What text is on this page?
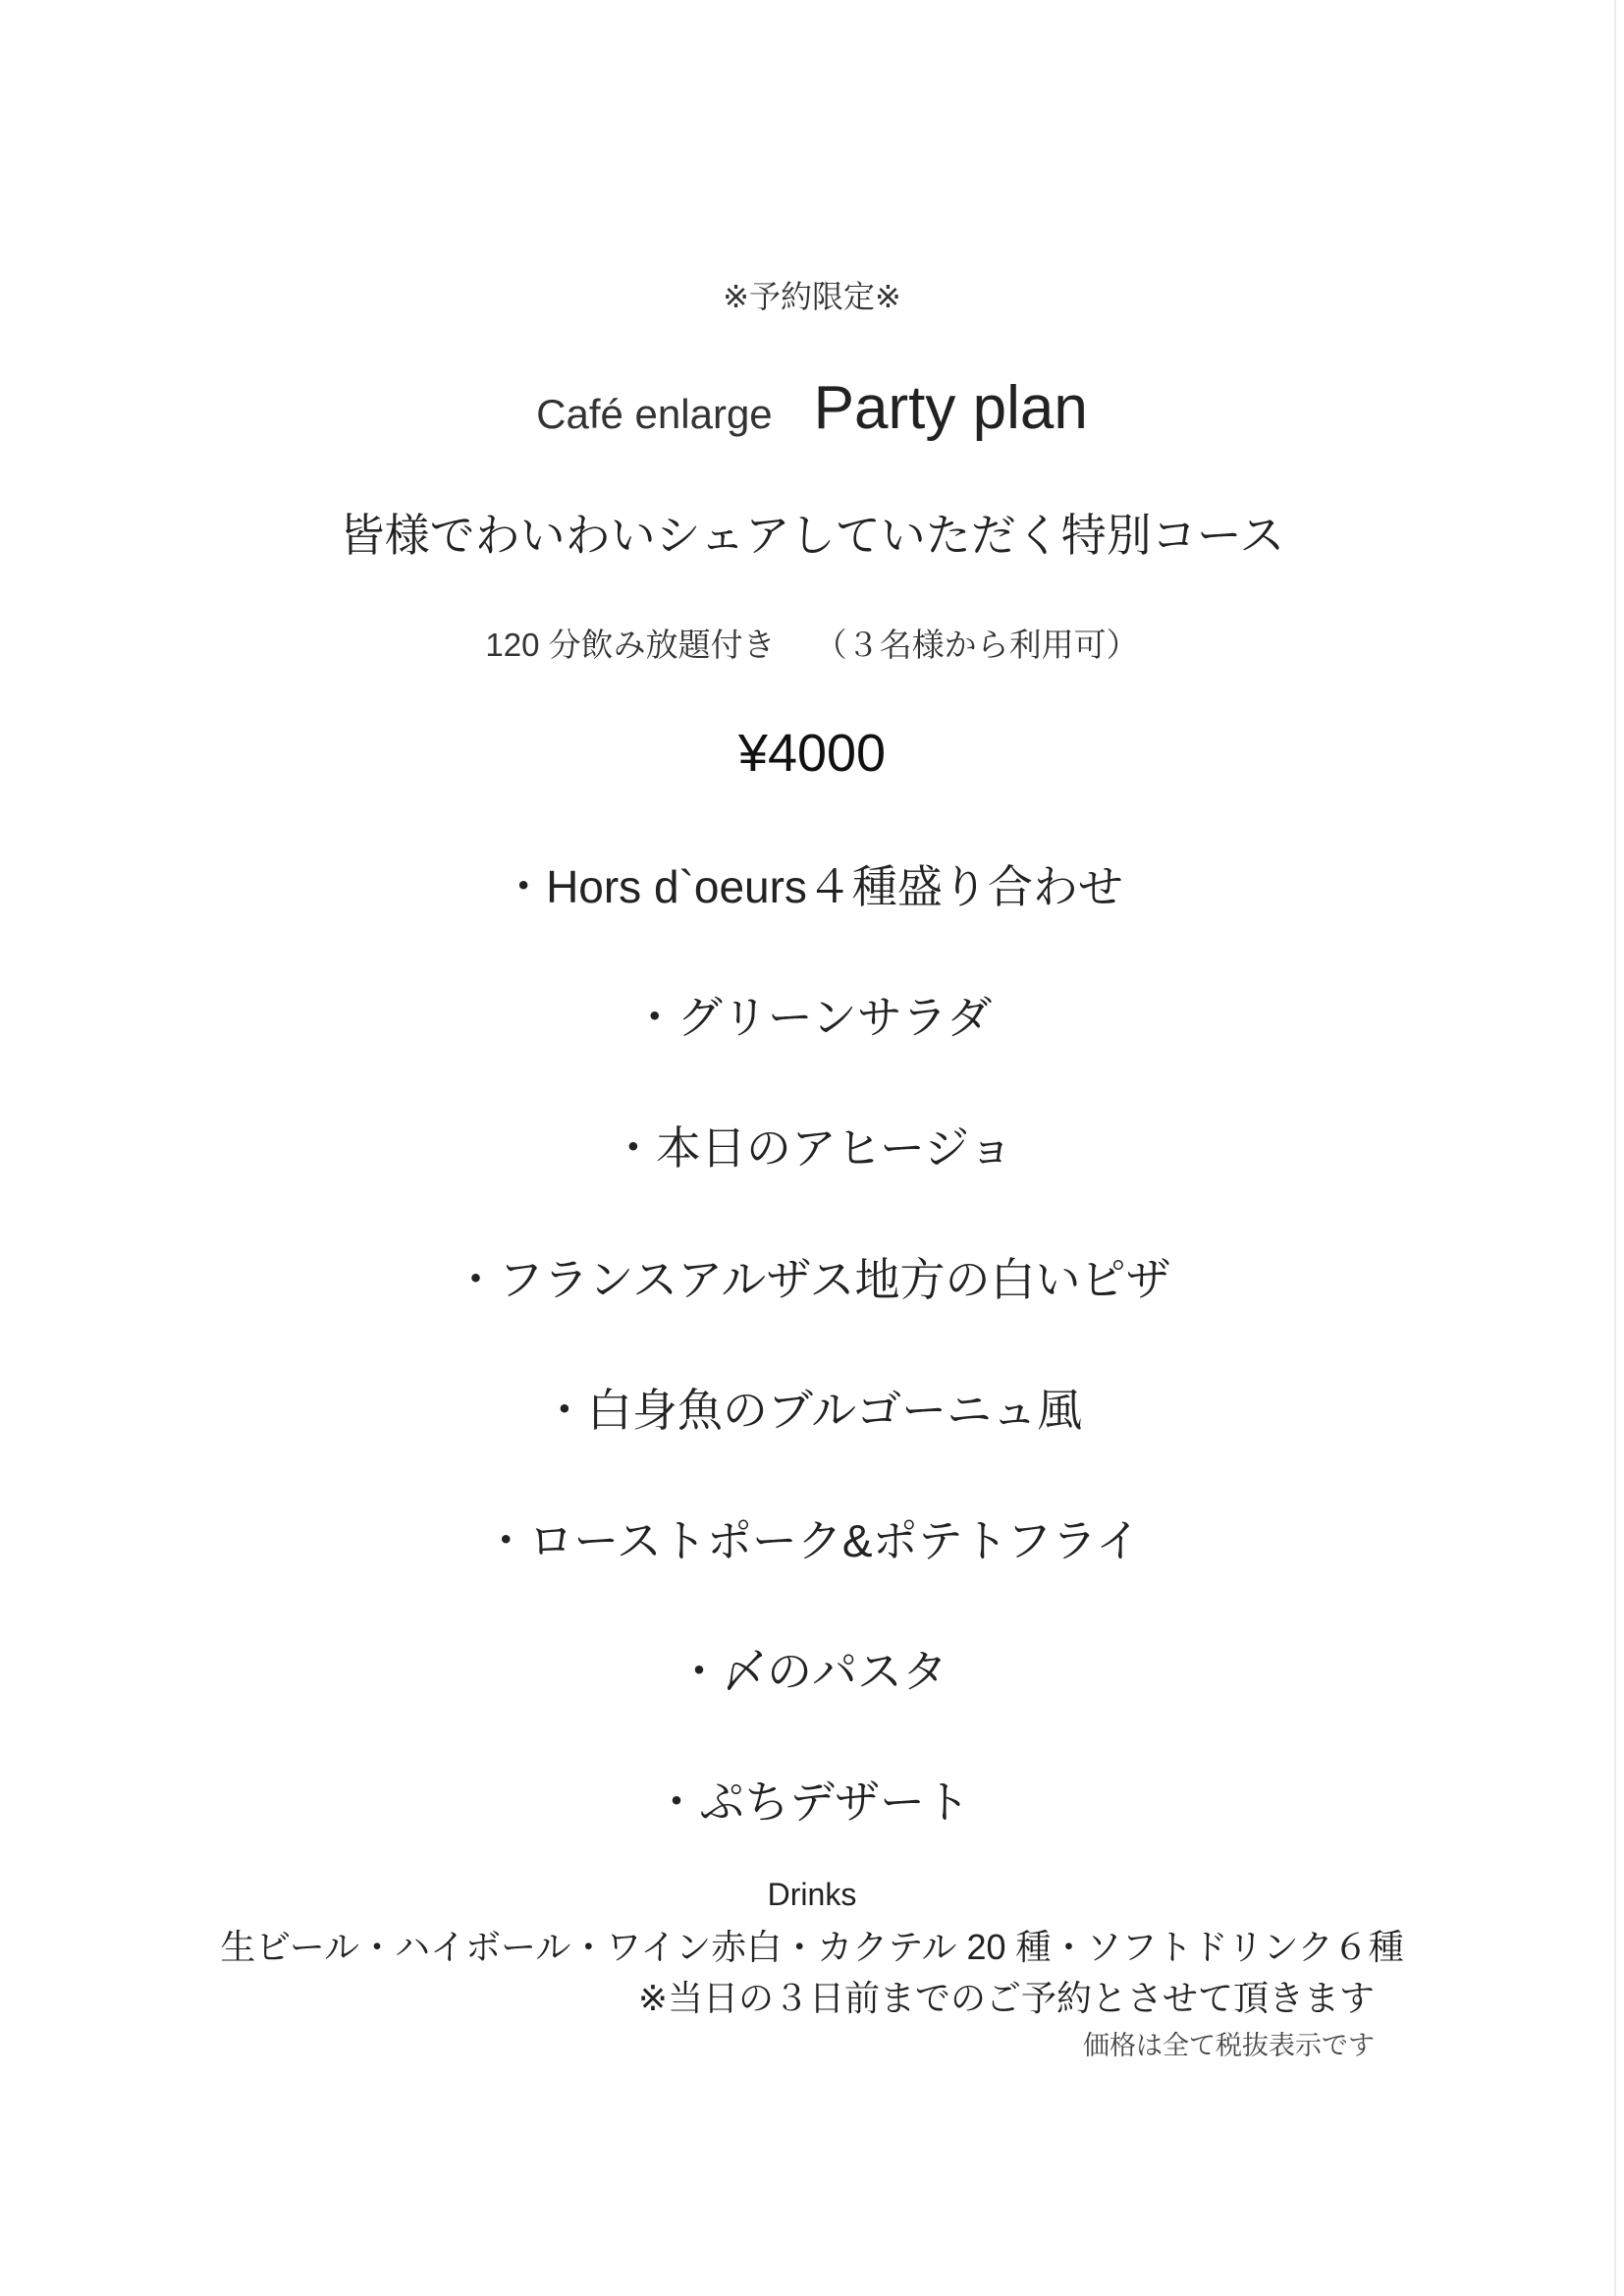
※予約限定※
Café enlarge Party plan
皆様でわいわいシェアしていただく特別コース
120 分飲み放題付き （３名様から利用可）
¥4000
・Hors d`oeurs４種盛り合わせ
・グリーンサラダ
・本日のアヒージョ
・フランスアルザス地方の白いピザ
・白身魚のブルゴーニュ風
・ローストポーク&ポテトフライ
・〆のパスタ
・ぷちデザート
Drinks
生ビール・ハイボール・ワイン赤白・カクテル 20 種・ソフトドリンク６種
※当日の３日前までのご予約とさせて頂きます
価格は全て税抜表示です
